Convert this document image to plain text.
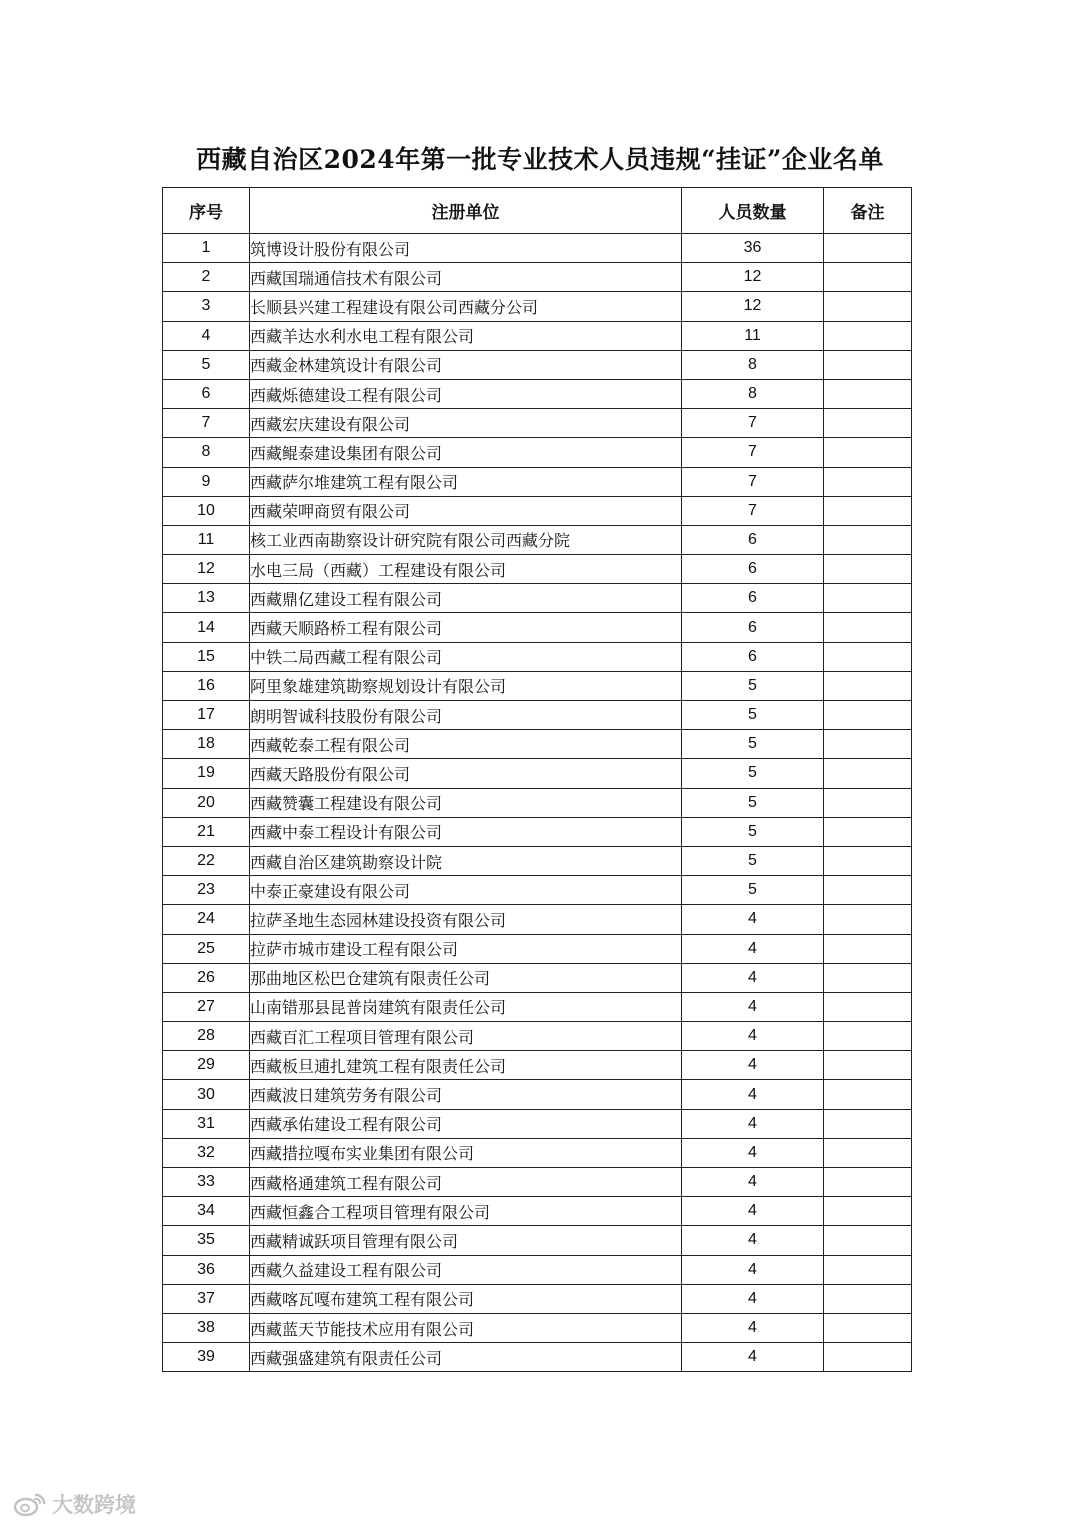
西藏自治区2024年第一批专业技术人员违规“挂证”企业名单
序号	注册单位	人员数量	备注
1	筑博设计股份有限公司	36	
2	西藏国瑞通信技术有限公司	12	
3	长顺县兴建工程建设有限公司西藏分公司	12	
4	西藏羊达水利水电工程有限公司	11	
5	西藏金林建筑设计有限公司	8	
6	西藏烁德建设工程有限公司	8	
7	西藏宏庆建设有限公司	7	
8	西藏鲲泰建设集团有限公司	7	
9	西藏萨尔堆建筑工程有限公司	7	
10	西藏荣呷商贸有限公司	7	
11	核工业西南勘察设计研究院有限公司西藏分院	6	
12	水电三局（西藏）工程建设有限公司	6	
13	西藏鼎亿建设工程有限公司	6	
14	西藏天顺路桥工程有限公司	6	
15	中铁二局西藏工程有限公司	6	
16	阿里象雄建筑勘察规划设计有限公司	5	
17	朗明智诚科技股份有限公司	5	
18	西藏乾泰工程有限公司	5	
19	西藏天路股份有限公司	5	
20	西藏赞囊工程建设有限公司	5	
21	西藏中泰工程设计有限公司	5	
22	西藏自治区建筑勘察设计院	5	
23	中泰正豪建设有限公司	5	
24	拉萨圣地生态园林建设投资有限公司	4	
25	拉萨市城市建设工程有限公司	4	
26	那曲地区松巴仓建筑有限责任公司	4	
27	山南错那县昆普岗建筑有限责任公司	4	
28	西藏百汇工程项目管理有限公司	4	
29	西藏板旦逋扎建筑工程有限责任公司	4	
30	西藏波日建筑劳务有限公司	4	
31	西藏承佑建设工程有限公司	4	
32	西藏措拉嘎布实业集团有限公司	4	
33	西藏格通建筑工程有限公司	4	
34	西藏恒鑫合工程项目管理有限公司	4	
35	西藏精诚跃项目管理有限公司	4	
36	西藏久益建设工程有限公司	4	
37	西藏喀瓦嘎布建筑工程有限公司	4	
38	西藏蓝天节能技术应用有限公司	4	
39	西藏强盛建筑有限责任公司	4	
大数跨境
